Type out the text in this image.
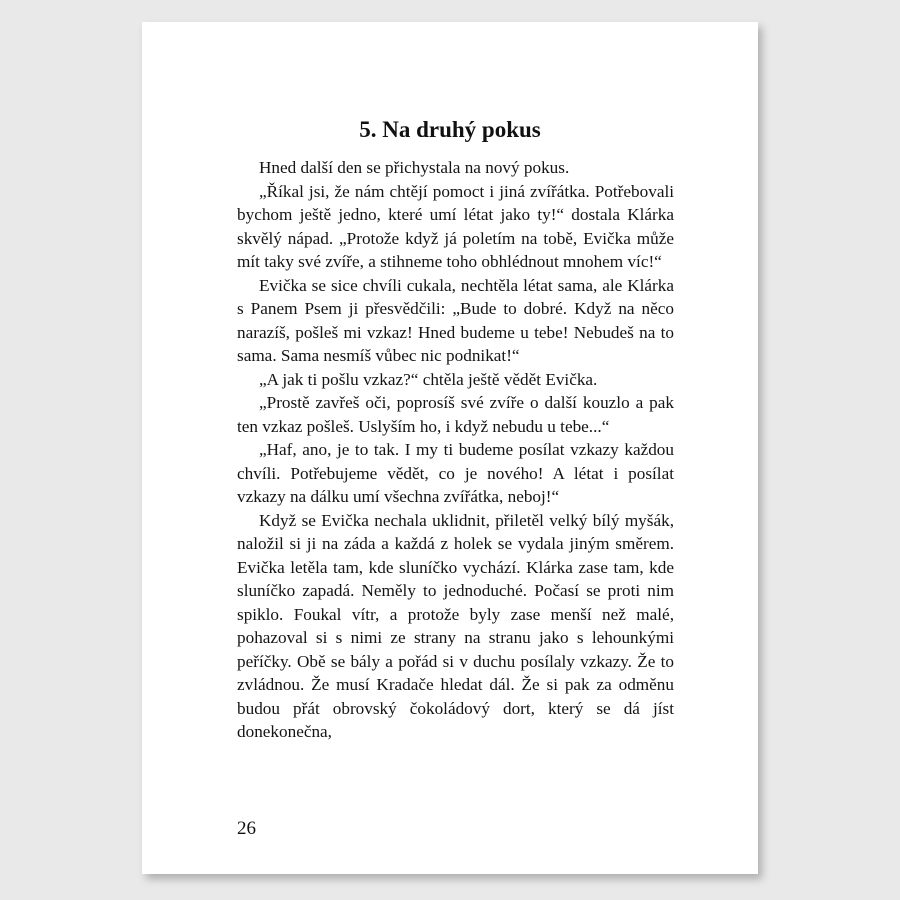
5. Na druhý pokus

Hned další den se přichystala na nový pokus.

„Říkal jsi, že nám chtějí pomoct i jiná zvířátka. Potřebovali bychom ještě jedno, které umí létat jako ty!“ dostala Klárka skvělý nápad. „Protože když já poletím na tobě, Evička může mít taky své zvíře, a stihneme toho obhlédnout mnohem víc!“

Evička se sice chvíli cukala, nechtěla létat sama, ale Klárka s Panem Psem ji přesvědčili: „Bude to dobré. Když na něco narazíš, pošleš mi vzkaz! Hned budeme u tebe! Nebudeš na to sama. Sama nesmíš vůbec nic podnikat!“

„A jak ti pošlu vzkaz?“ chtěla ještě vědět Evička.

„Prostě zavřeš oči, poprosíš své zvíře o další kouzlo a pak ten vzkaz pošleš. Uslyším ho, i když nebudu u tebe...“

„Haf, ano, je to tak. I my ti budeme posílat vzkazy každou chvíli. Potřebujeme vědět, co je nového! A létat i posílat vzkazy na dálku umí všechna zvířátka, neboj!“

Když se Evička nechala uklidnit, přiletěl velký bílý myšák, naložil si ji na záda a každá z holek se vydala jiným směrem. Evička letěla tam, kde sluníčko vychází. Klárka zase tam, kde sluníčko zapadá. Neměly to jednoduché. Počasí se proti nim spiklo. Foukal vítr, a protože byly zase menší než malé, pohazoval si s nimi ze strany na stranu jako s lehounkými peříčky. Obě se bály a pořád si v duchu posílaly vzkazy. Že to zvládnou. Že musí Kradače hledat dál. Že si pak za odměnu budou přát obrovský čokoládový dort, který se dá jíst donekonečna,

26
